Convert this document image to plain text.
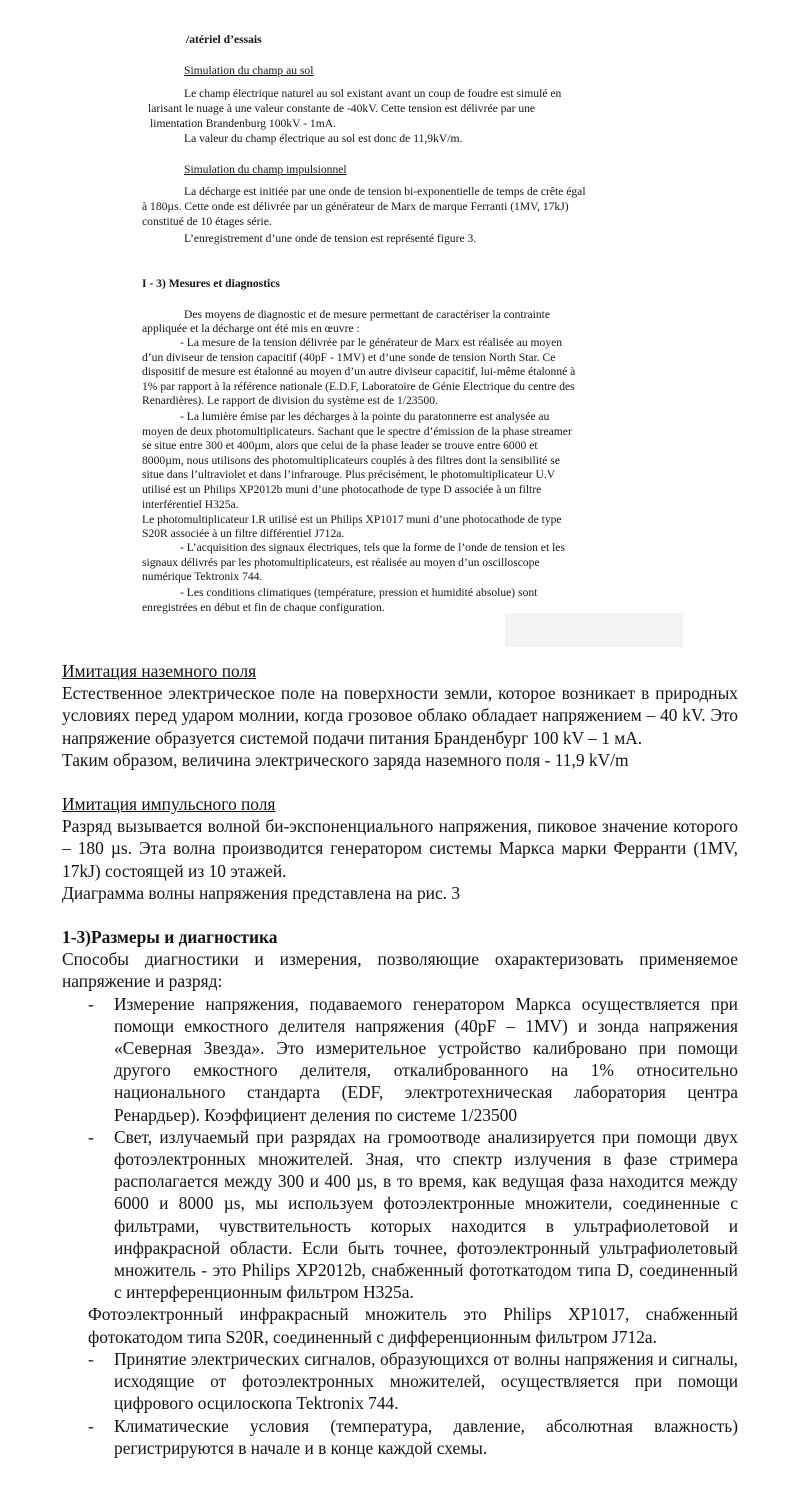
/atériel d’essais

Simulation du champ au sol

Le champ électrique naturel au sol existant avant un coup de foudre est simulé en

larisant le nuage à une valeur constante de -40kV. Cette tension est délivrée par une

limentation Brandenburg 100kV - 1mA.

La valeur du champ électrique au sol est donc de 11,9kV/m.

Simulation du champ impulsionnel

La décharge est initiée par une onde de tension bi-exponentielle de temps de crête égal

à 180µs. Cette onde est délivrée par un générateur de Marx de marque Ferranti (1MV, 17kJ)

constitué de 10 étages série.

L’enregistrement d’une onde de tension est représenté figure 3.

I - 3) Mesures et diagnostics

Des moyens de diagnostic et de mesure permettant de caractériser la contrainte

appliquée et la décharge ont été mis en œuvre :

- La mesure de la tension délivrée par le générateur de Marx est réalisée au moyen

d’un diviseur de tension capacitif (40pF - 1MV) et d’une sonde de tension North Star. Ce

dispositif de mesure est étalonné au moyen d’un autre diviseur capacitif, lui-même étalonné à

1% par rapport à la référence nationale (E.D.F, Laboratoire de Génie Electrique du centre des

Renardières). Le rapport de division du système est de 1/23500.

- La lumière émise par les décharges à la pointe du paratonnerre est analysée au

moyen de deux photomultiplicateurs. Sachant que le spectre d’émission de la phase streamer

se situe entre 300 et 400µm, alors que celui de la phase leader se trouve entre 6000 et

8000µm, nous utilisons des photomultiplicateurs couplés à des filtres dont la sensibilité se

situe dans l’ultraviolet et dans l’infrarouge. Plus précisément, le photomultiplicateur U.V

utilisé est un Philips XP2012b muni d’une photocathode de type D associée à un filtre

interférentiel H325a.

Le photomultiplicateur I.R utilisé est un Philips XP1017 muni d’une photocathode de type

S20R associée à un filtre différentiel J712a.

- L’acquisition des signaux électriques, tels que la forme de l’onde de tension et les

signaux délivrés par les photomultiplicateurs, est réalisée au moyen d’un oscilloscope

numérique Tektronix 744.

- Les conditions climatiques (température, pression et humidité absolue) sont

enregistrées en début et fin de chaque configuration.

Имитация наземного поля

Естественное электрическое поле на поверхности земли, которое возникает в природных условиях перед ударом молнии, когда грозовое облако обладает напряжением – 40 kV. Это напряжение образуется системой подачи питания Бранденбург 100 kV – 1 мА.

Таким образом, величина электрического заряда наземного поля - 11,9 kV/m

Имитация импульсного поля

Разряд вызывается волной би-экспоненциального напряжения, пиковое значение которого – 180 µs. Эта волна производится генератором системы Маркса марки Ферранти (1MV, 17kJ) состоящей из 10 этажей.

Диаграмма волны напряжения представлена на рис. 3

1-3)Размеры и диагностика

Способы диагностики и измерения, позволяющие охарактеризовать применяемое напряжение и разряд:

- Измерение напряжения, подаваемого генератором Маркса осуществляется при помощи емкостного делителя напряжения (40pF – 1MV) и зонда напряжения «Северная Звезда». Это измерительное устройство калибровано при помощи другого емкостного делителя, откалиброванного на 1% относительно национального стандарта (EDF, электротехническая лаборатория центра Ренардьер). Коэффициент деления по системе 1/23500
- Свет, излучаемый при разрядах на громоотводе анализируется при помощи двух фотоэлектронных множителей. Зная, что спектр излучения в фазе стримера располагается между 300 и 400 µs, в то время, как ведущая фаза находится между 6000 и 8000 µs, мы используем фотоэлектронные множители, соединенные с фильтрами, чувствительность которых находится в ультрафиолетовой и инфракрасной области. Если быть точнее, фотоэлектронный ультрафиолетовый множитель - это Philips XP2012b, снабженный фототкатодом типа D, соединенный с интерференционным фильтром H325a.

Фотоэлектронный инфракрасный множитель это Philips XP1017, снабженный фотокатодом типа S20R, соединенный с дифференционным фильтром J712a.

- Принятие электрических сигналов, образующихся от волны напряжения и сигналы, исходящие от фотоэлектронных множителей, осуществляется при помощи цифрового осцилоскопа Tektronix 744.
- Климатические условия (температура, давление, абсолютная влажность) регистрируются в начале и в конце каждой схемы.
